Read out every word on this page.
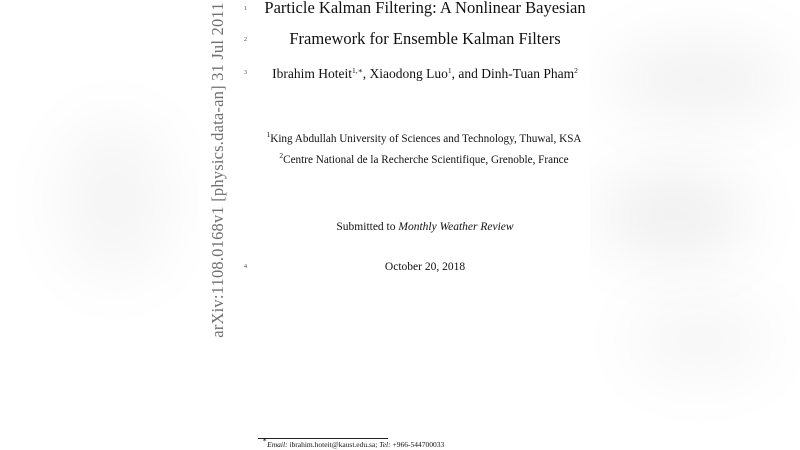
arXiv:1108.0168v1 [physics.data-an] 31 Jul 2011	1
2
3
4
Particle Kalman Filtering: A Nonlinear Bayesian
Framework for Ensemble Kalman Filters
Ibrahim Hoteit$^{1,∗}$, Xiaodong Luo$^1$, and Dinh-Tuan Pham$^2$
$^1$King Abdullah University of Sciences and Technology, Thuwal, KSA
$^2$Centre National de la Recherche Scientifique, Grenoble, France
Submitted to Monthly Weather Review
October 20, 2018
∗Email: ibrahim.hoteit@kaust.edu.sa; Tel: +966-544700033
